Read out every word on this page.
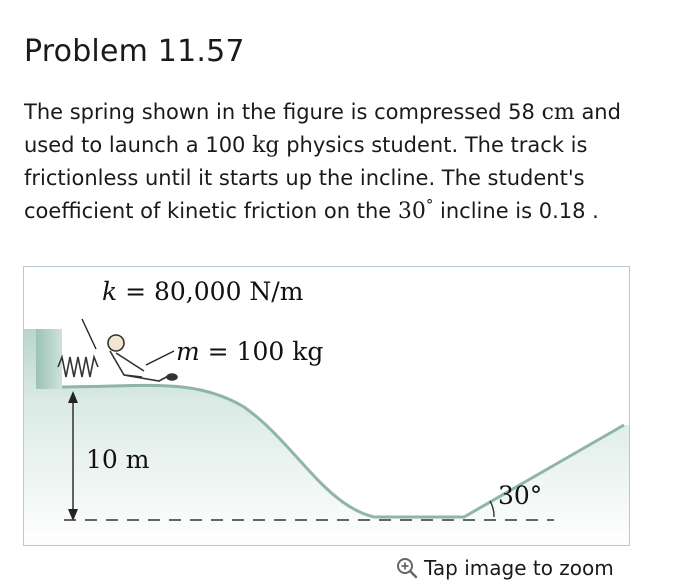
Problem 11.57

The spring shown in the figure is compressed 58 cm and used to launch a 100 kg physics student. The track is frictionless until it starts up the incline. The student's coefficient of kinetic friction on the 30° incline is 0.18 .

k = 80,000 N/m
m = 100 kg
10 m
30°
Tap image to zoom
